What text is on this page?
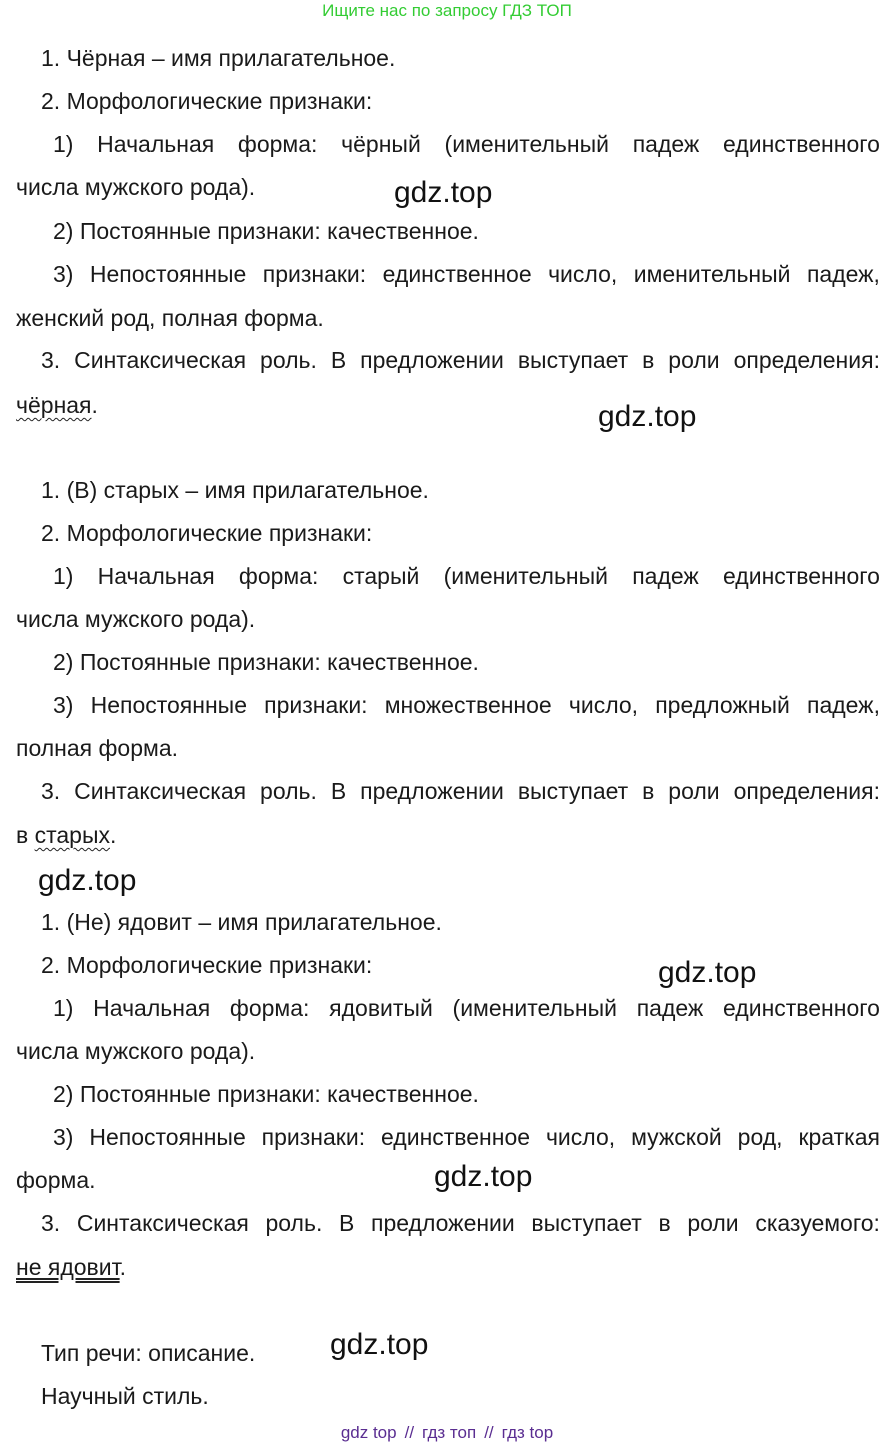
Ищите нас по запросу ГДЗ ТОП
1. Чёрная – имя прилагательное.
2. Морфологические признаки:
1) Начальная форма: чёрный (именительный падеж единственного
числа мужского рода).
2) Постоянные признаки: качественное.
3) Непостоянные признаки: единственное число, именительный падеж,
женский род, полная форма.
3. Синтаксическая роль. В предложении выступает в роли определения:
чёрная.
1. (В) старых – имя прилагательное.
2. Морфологические признаки:
1) Начальная форма: старый (именительный падеж единственного
числа мужского рода).
2) Постоянные признаки: качественное.
3) Непостоянные признаки: множественное число, предложный падеж,
полная форма.
3. Синтаксическая роль. В предложении выступает в роли определения:
в старых.
1. (Не) ядовит – имя прилагательное.
2. Морфологические признаки:
1) Начальная форма: ядовитый (именительный падеж единственного
числа мужского рода).
2) Постоянные признаки: качественное.
3) Непостоянные признаки: единственное число, мужской род, краткая
форма.
3. Синтаксическая роль. В предложении выступает в роли сказуемого:
не ядовит.
Тип речи: описание.
Научный стиль.
gdz.top
gdz.top
gdz.top
gdz.top
gdz.top
gdz.top
gdz top // гдз топ // гдз top
